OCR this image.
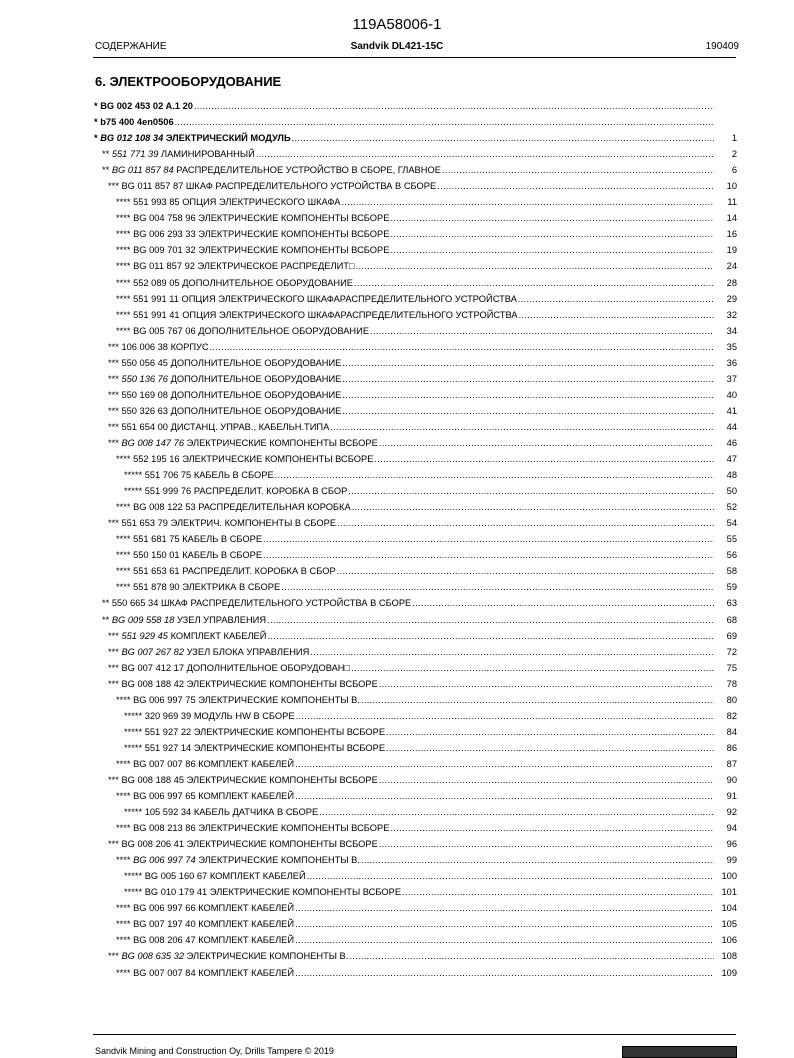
119A58006-1
СОДЕРЖАНИЕ	Sandvik DL421-15C	190409
6. ЭЛЕКТРООБОРУДОВАНИЕ
* BG 002 453 02 A.1 20
.....
* b75 400 4en0506
.....
* BG 012 108 34 ЭЛЕКТРИЧЕСКИЙ МОДУЛЬ .....	1
** 551 771 39 ЛАМИНИРОВАННЫЙ .....	2
** BG 011 857 84 РАСПРЕДЕЛИТЕЛЬНОЕ УСТРОЙСТВО В СБОРЕ, ГЛАВНОЕ .....	6
*** BG 011 857 87 ШКАФ РАСПРЕДЕЛИТЕЛЬНОГО УСТРОЙСТВА В СБОРЕ .....	10
**** 551 993 85 ОПЦИЯ ЭЛЕКТРИЧЕСКОГО ШКАФА .....	11
**** BG 004 758 96 ЭЛЕКТРИЧЕСКИЕ КОМПОНЕНТЫ ВСБОРЕ .....	14
**** BG 006 293 33 ЭЛЕКТРИЧЕСКИЕ КОМПОНЕНТЫ ВСБОРЕ .....	16
**** BG 009 701 32 ЭЛЕКТРИЧЕСКИЕ КОМПОНЕНТЫ ВСБОРЕ .....	19
**** BG 011 857 92 ЭЛЕКТРИЧЕСКОЕ РАСПРЕДЕЛИТ□ .....	24
**** 552 089 05 ДОПОЛНИТЕЛЬНОЕ ОБОРУДОВАНИЕ .....	28
**** 551 991 11 ОПЦИЯ ЭЛЕКТРИЧЕСКОГО ШКАФАРАСПРЕДЕЛИТЕЛЬНОГО УСТРОЙСТВА .....	29
**** 551 991 41 ОПЦИЯ ЭЛЕКТРИЧЕСКОГО ШКАФАРАСПРЕДЕЛИТЕЛЬНОГО УСТРОЙСТВА .....	32
**** BG 005 767 06 ДОПОЛНИТЕЛЬНОЕ ОБОРУДОВАНИЕ .....	34
*** 106 006 38 КОРПУС .....	35
*** 550 056 45 ДОПОЛНИТЕЛЬНОЕ ОБОРУДОВАНИЕ .....	36
*** 550 136 76 ДОПОЛНИТЕЛЬНОЕ ОБОРУДОВАНИЕ .....	37
*** 550 169 08 ДОПОЛНИТЕЛЬНОЕ ОБОРУДОВАНИЕ .....	40
*** 550 326 63 ДОПОЛНИТЕЛЬНОЕ ОБОРУДОВАНИЕ .....	41
*** 551 654 00 ДИСТАНЦ. УПРАВ., КАБЕЛЬН.ТИПА .....	44
*** BG 008 147 76 ЭЛЕКТРИЧЕСКИЕ КОМПОНЕНТЫ ВСБОРЕ .....	46
**** 552 195 16 ЭЛЕКТРИЧЕСКИЕ КОМПОНЕНТЫ ВСБОРЕ .....	47
***** 551 706 75 КАБЕЛЬ В СБОРЕ .....	48
***** 551 999 76 РАСПРЕДЕЛИТ. КОРОБКА В СБОР .....	50
**** BG 008 122 53 РАСПРЕДЕЛИТЕЛЬНАЯ КОРОБКА .....	52
*** 551 653 79 ЭЛЕКТРИЧ. КОМПОНЕНТЫ В СБОРЕ .....	54
**** 551 681 75 КАБЕЛЬ В СБОРЕ .....	55
**** 550 150 01 КАБЕЛЬ В СБОРЕ .....	56
**** 551 653 61 РАСПРЕДЕЛИТ. КОРОБКА В СБОР .....	58
**** 551 878 90 ЭЛЕКТРИКА В СБОРЕ .....	59
** 550 665 34 ШКАФ РАСПРЕДЕЛИТЕЛЬНОГО УСТРОЙСТВА В СБОРЕ .....	63
** BG 009 558 18 УЗЕЛ УПРАВЛЕНИЯ .....	68
*** 551 929 45 КОМПЛЕКТ КАБЕЛЕЙ .....	69
*** BG 007 267 82 УЗЕЛ БЛОКА УПРАВЛЕНИЯ .....	72
*** BG 007 412 17 ДОПОЛНИТЕЛЬНОЕ ОБОРУДОВАН□ .....	75
*** BG 008 188 42 ЭЛЕКТРИЧЕСКИЕ КОМПОНЕНТЫ ВСБОРЕ .....	78
**** BG 006 997 75 ЭЛЕКТРИЧЕСКИЕ КОМПОНЕНТЫ В. .....	80
***** 320 969 39 МОДУЛЬ HW В СБОРЕ .....	82
***** 551 927 22 ЭЛЕКТРИЧЕСКИЕ КОМПОНЕНТЫ ВСБОРЕ .....	84
***** 551 927 14 ЭЛЕКТРИЧЕСКИЕ КОМПОНЕНТЫ ВСБОРЕ .....	86
**** BG 007 007 86 КОМПЛЕКТ КАБЕЛЕЙ .....	87
*** BG 008 188 45 ЭЛЕКТРИЧЕСКИЕ КОМПОНЕНТЫ ВСБОРЕ .....	90
**** BG 006 997 65 КОМПЛЕКТ КАБЕЛЕЙ .....	91
***** 105 592 34 КАБЕЛЬ ДАТЧИКА В СБОРЕ .....	92
**** BG 008 213 86 ЭЛЕКТРИЧЕСКИЕ КОМПОНЕНТЫ ВСБОРЕ .....	94
*** BG 008 206 41 ЭЛЕКТРИЧЕСКИЕ КОМПОНЕНТЫ ВСБОРЕ .....	96
**** BG 006 997 74 ЭЛЕКТРИЧЕСКИЕ КОМПОНЕНТЫ В. .....	99
***** BG 005 160 67 КОМПЛЕКТ КАБЕЛЕЙ .....	100
***** BG 010 179 41 ЭЛЕКТРИЧЕСКИЕ КОМПОНЕНТЫ ВСБОРЕ .....	101
**** BG 006 997 66 КОМПЛЕКТ КАБЕЛЕЙ .....	104
**** BG 007 197 40 КОМПЛЕКТ КАБЕЛЕЙ .....	105
**** BG 008 206 47 КОМПЛЕКТ КАБЕЛЕЙ .....	106
*** BG 008 635 32 ЭЛЕКТРИЧЕСКИЕ КОМПОНЕНТЫ В. .....	108
**** BG 007 007 84 КОМПЛЕКТ КАБЕЛЕЙ .....	109
Sandvik Mining and Construction Oy, Drills Tampere © 2019
